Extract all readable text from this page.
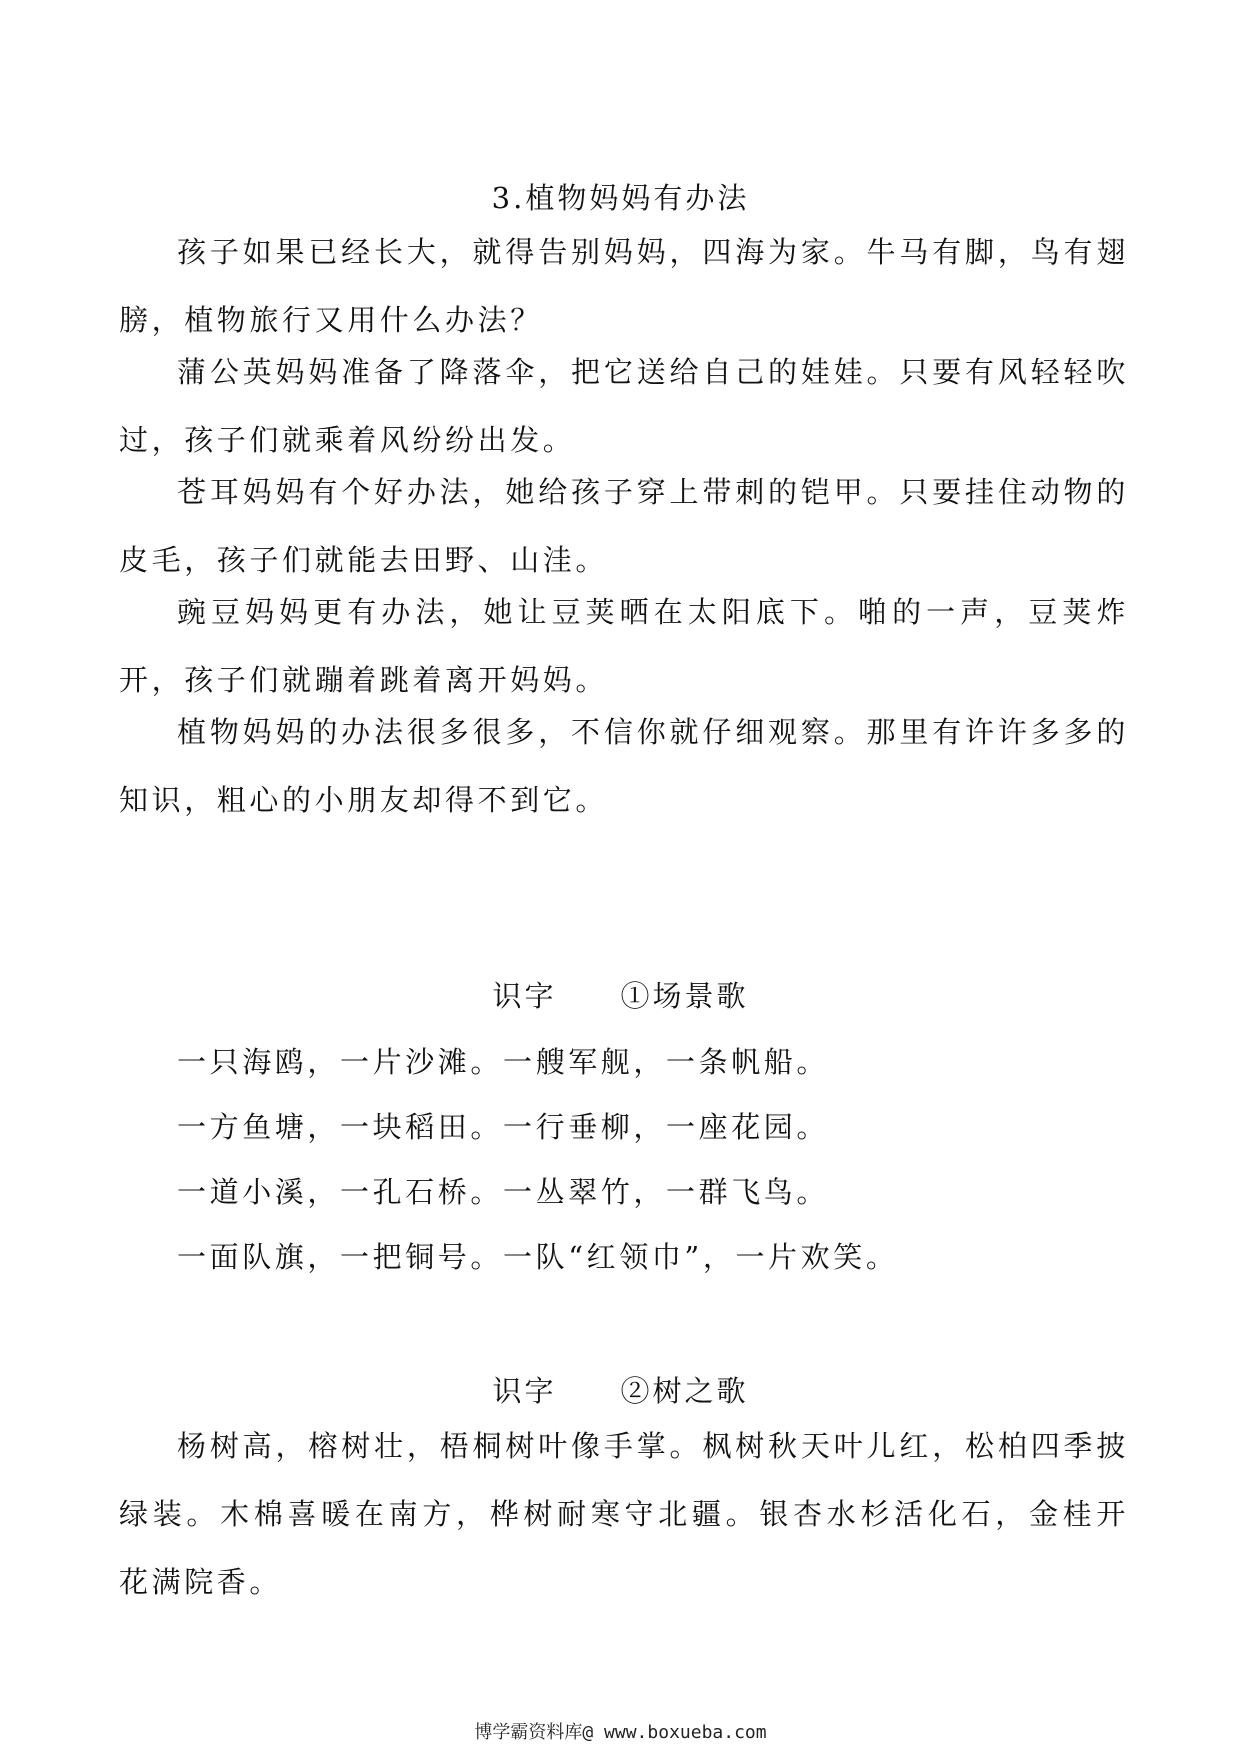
3.植物妈妈有办法

孩子如果已经长大，就得告别妈妈，四海为家。牛马有脚，鸟有翅膀，植物旅行又用什么办法？

蒲公英妈妈准备了降落伞，把它送给自己的娃娃。只要有风轻轻吹过，孩子们就乘着风纷纷出发。

苍耳妈妈有个好办法，她给孩子穿上带刺的铠甲。只要挂住动物的皮毛，孩子们就能去田野、山洼。

豌豆妈妈更有办法，她让豆荚晒在太阳底下。啪的一声，豆荚炸开，孩子们就蹦着跳着离开妈妈。

植物妈妈的办法很多很多，不信你就仔细观察。那里有许许多多的知识，粗心的小朋友却得不到它。

识字　　①场景歌

一只海鸥，一片沙滩。一艘军舰，一条帆船。

一方鱼塘，一块稻田。一行垂柳，一座花园。

一道小溪，一孔石桥。一丛翠竹，一群飞鸟。

一面队旗，一把铜号。一队“红领巾”，一片欢笑。

识字　　②树之歌

杨树高，榕树壮，梧桐树叶像手掌。枫树秋天叶儿红，松柏四季披绿装。木棉喜暖在南方，桦树耐寒守北疆。银杏水杉活化石，金桂开花满院香。

博学霸资料库@ www.boxueba.com
